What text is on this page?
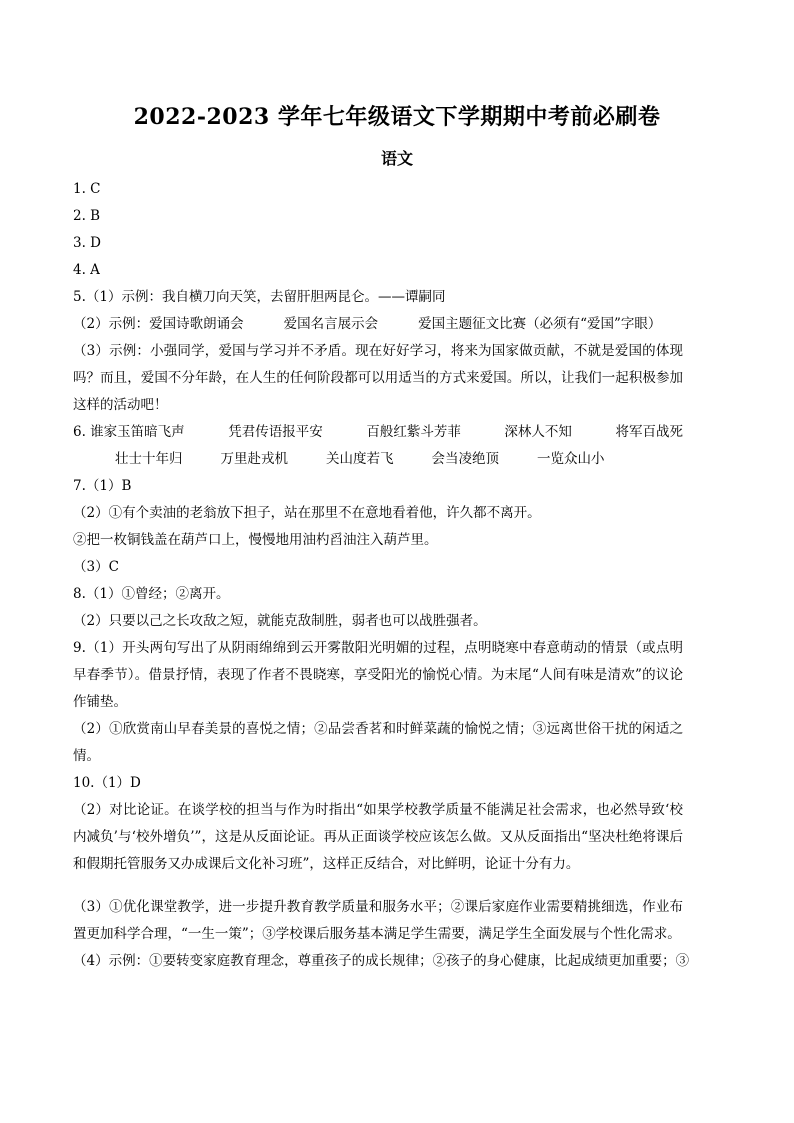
2022-2023 学年七年级语文下学期期中考前必刷卷
语文
1. C
2. B
3. D
4. A
5.（1）示例：我自横刀向天笑，去留肝胆两昆仑。——谭嗣同
（2）示例：爱国诗歌朗诵会	爱国名言展示会	爱国主题征文比赛（必须有“爱国”字眼）
（3）示例：小强同学，爱国与学习并不矛盾。现在好好学习，将来为国家做贡献，不就是爱国的体现吗？而且，爱国不分年龄，在人生的任何阶段都可以用适当的方式来爱国。所以，让我们一起积极参加这样的活动吧！
6. 谁家玉笛暗飞声	凭君传语报平安	百般红紫斗芳菲	深林人不知	将军百战死
壮士十年归	万里赴戎机	关山度若飞	会当凌绝顶	一览众山小
7.（1）B
（2）①有个卖油的老翁放下担子，站在那里不在意地看着他，许久都不离开。
②把一枚铜钱盖在葫芦口上，慢慢地用油杓舀油注入葫芦里。
（3）C
8.（1）①曾经；②离开。
（2）只要以己之长攻敌之短，就能克敌制胜，弱者也可以战胜强者。
9.（1）开头两句写出了从阴雨绵绵到云开雾散阳光明媚的过程，点明晓寒中春意萌动的情景（或点明早春季节）。借景抒情，表现了作者不畏晓寒，享受阳光的愉悦心情。为末尾“人间有味是清欢”的议论作铺垫。
（2）①欣赏南山早春美景的喜悦之情；②品尝香茗和时鲜菜蔬的愉悦之情；③远离世俗干扰的闲适之情。
10.（1）D
（2）对比论证。在谈学校的担当与作为时指出“如果学校教学质量不能满足社会需求，也必然导致‘校内减负’与‘校外增负’”，这是从反面论证。再从正面谈学校应该怎么做。又从反面指出“坚决杜绝将课后和假期托管服务又办成课后文化补习班”，这样正反结合，对比鲜明，论证十分有力。
（3）①优化课堂教学，进一步提升教育教学质量和服务水平；②课后家庭作业需要精挑细选，作业布置更加科学合理，“一生一策”；③学校课后服务基本满足学生需要，满足学生全面发展与个性化需求。
（4）示例：①要转变家庭教育理念，尊重孩子的成长规律；②孩子的身心健康，比起成绩更加重要；③
